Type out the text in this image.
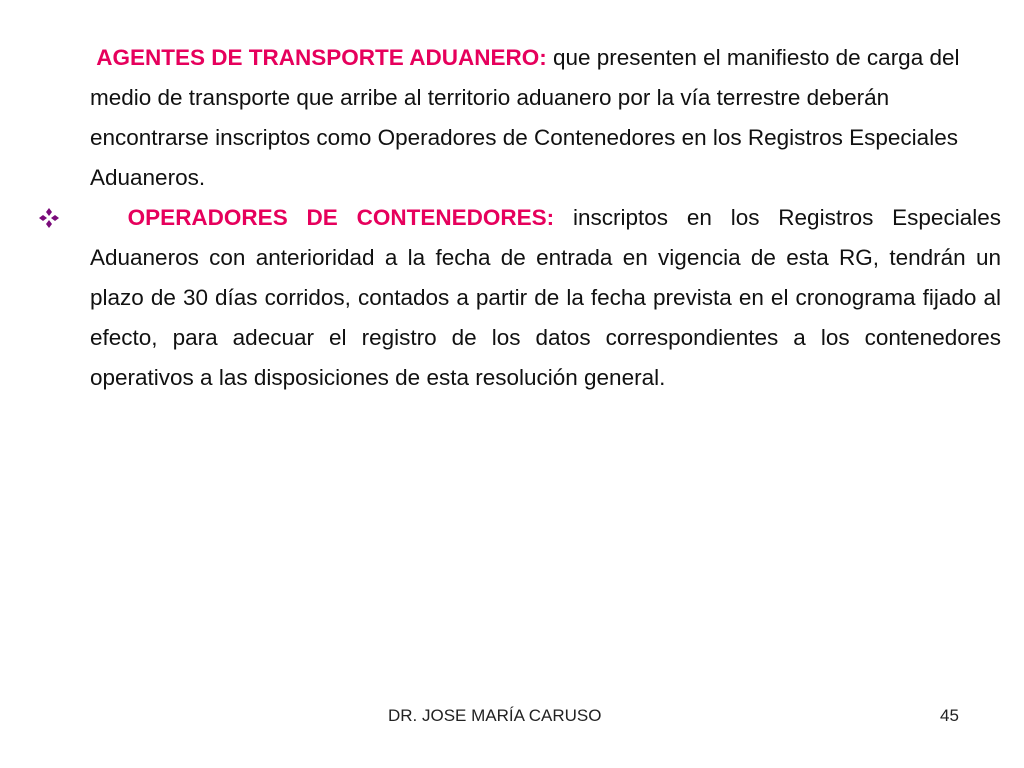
AGENTES DE TRANSPORTE ADUANERO: que presenten el manifiesto de carga del medio de transporte que arribe al territorio aduanero por la vía terrestre deberán encontrarse inscriptos como Operadores de Contenedores en los Registros Especiales Aduaneros.

OPERADORES DE CONTENEDORES: inscriptos en los Registros Especiales Aduaneros con anterioridad a la fecha de entrada en vigencia de esta RG, tendrán un plazo de 30 días corridos, contados a partir de la fecha prevista en el cronograma fijado al efecto, para adecuar el registro de los datos correspondientes a los contenedores operativos a las disposiciones de esta resolución general.

DR. JOSE MARÍA CARUSO	45
